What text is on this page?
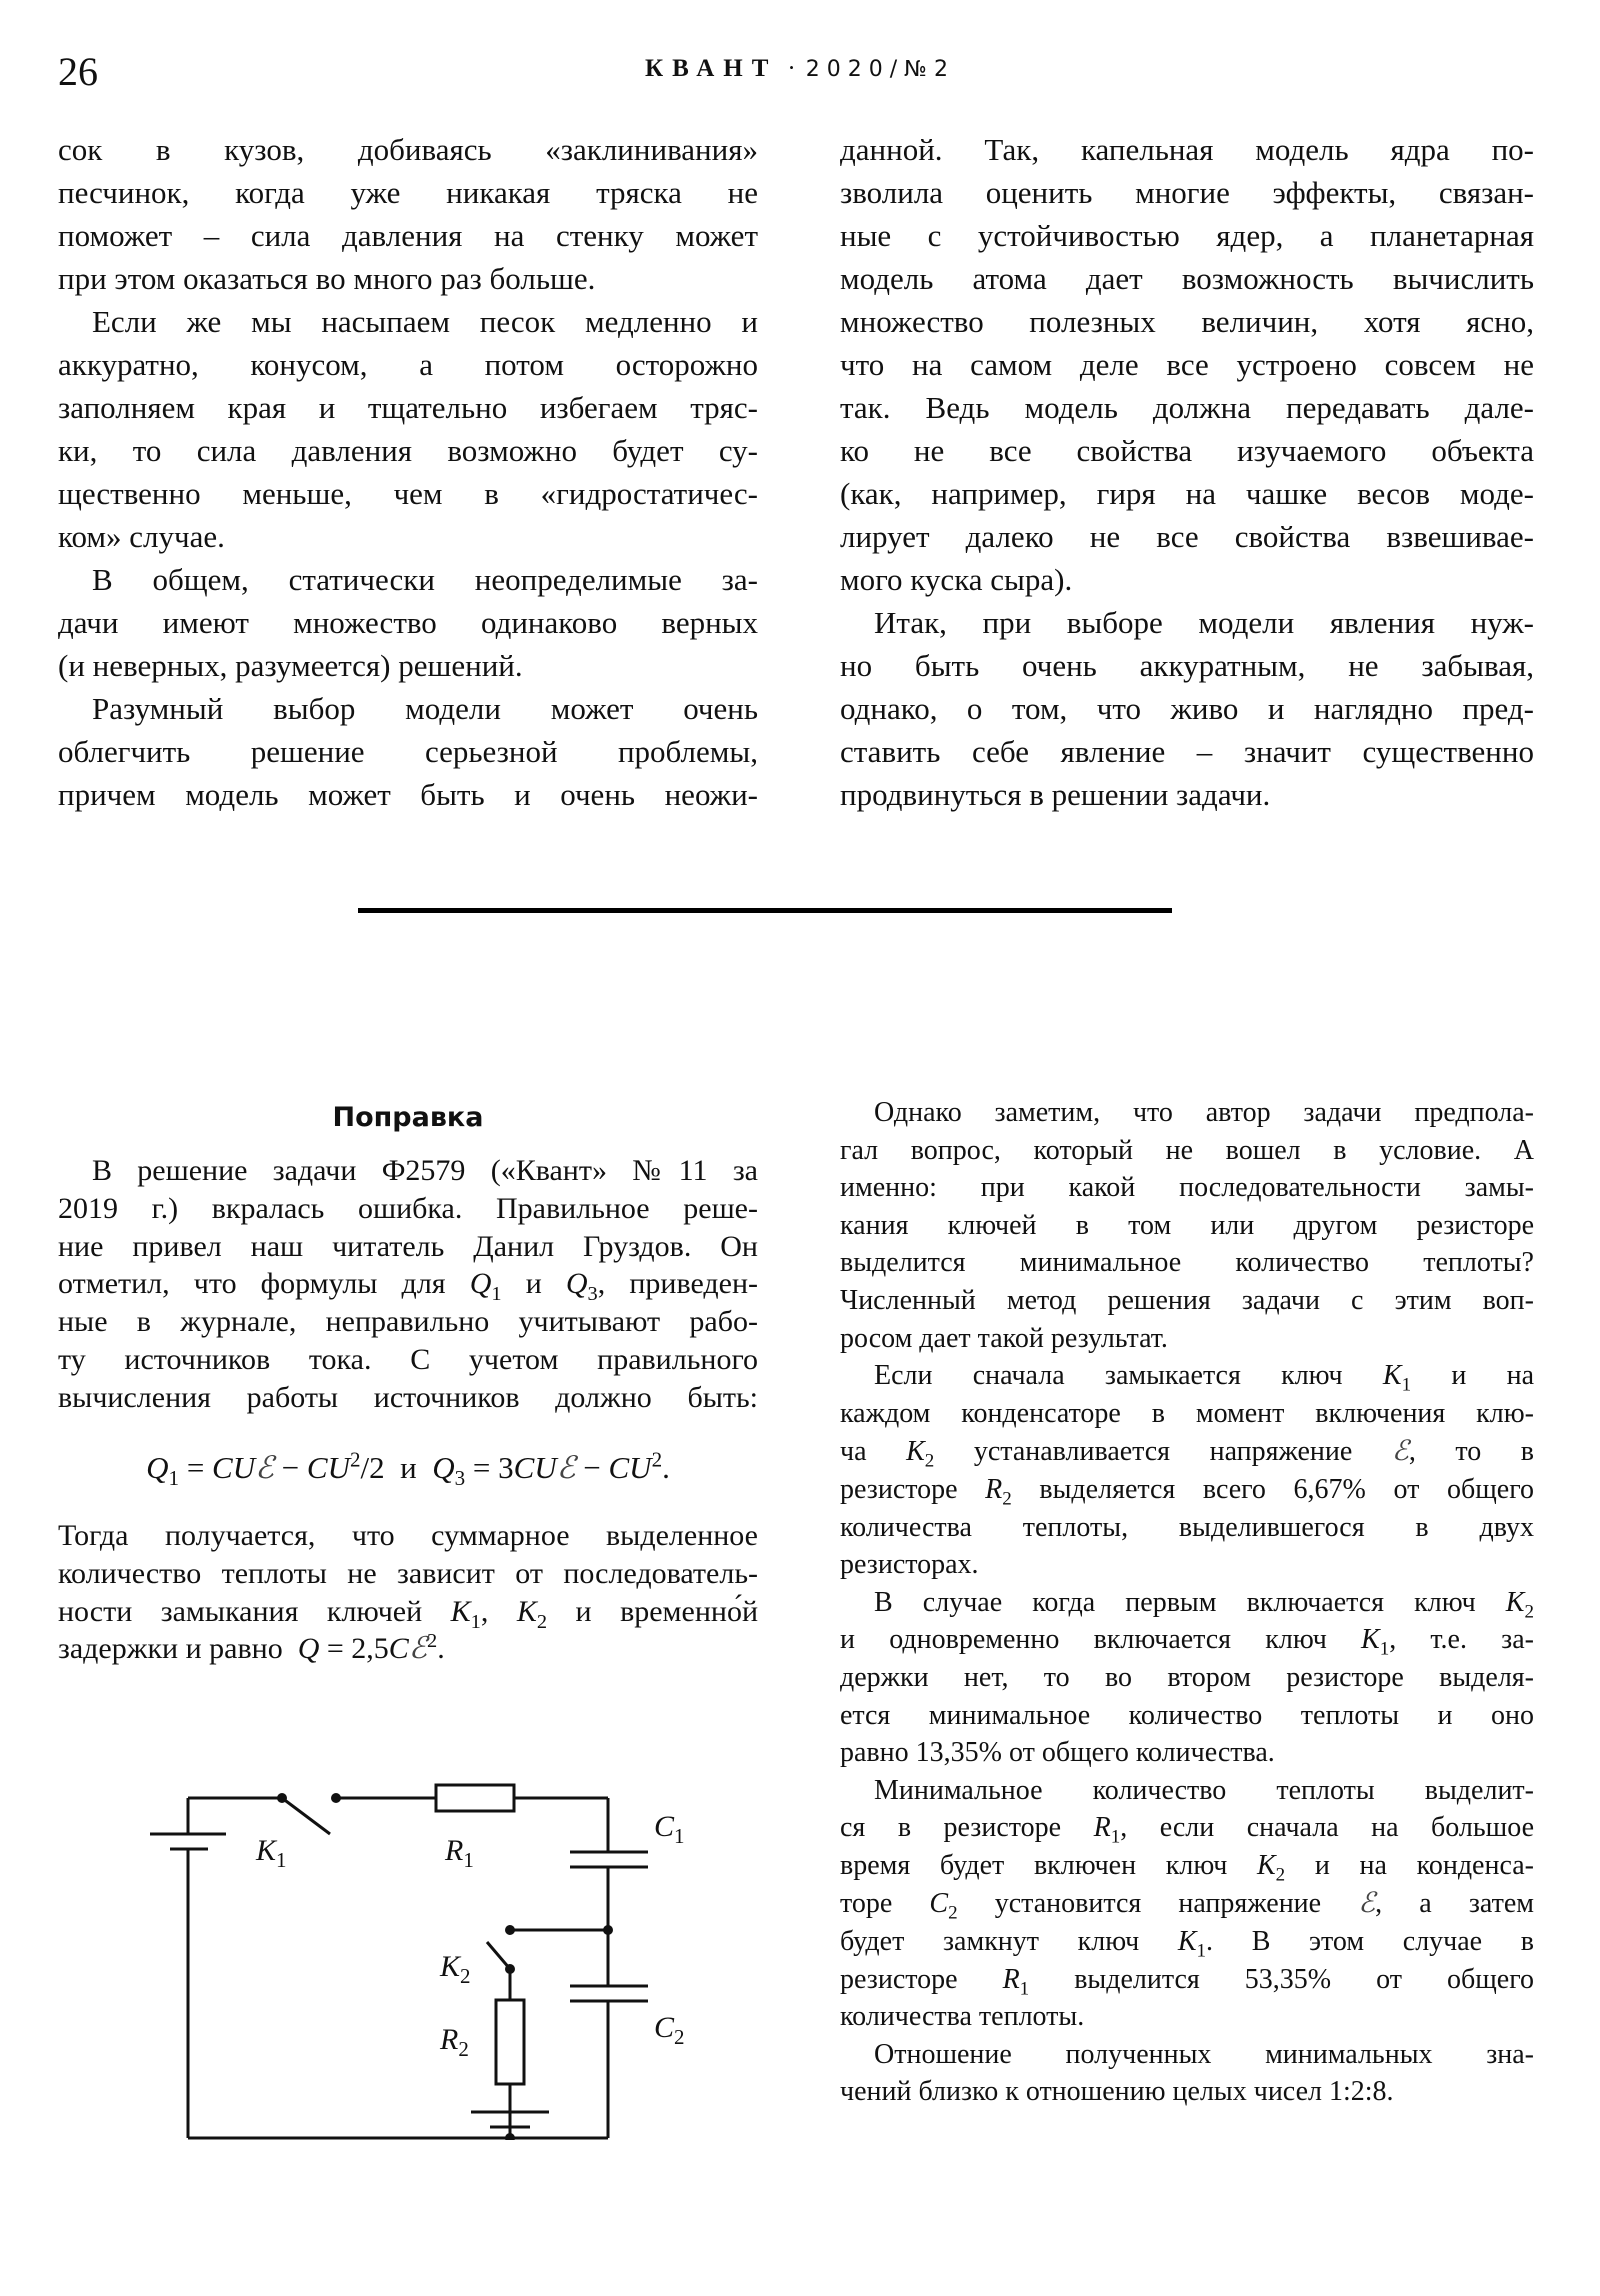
26	КВАНТ · 2020/№2
сок в кузов, добиваясь «заклинивания»
песчинок, когда уже никакая тряска не
поможет – сила давления на стенку может
при этом оказаться во много раз больше.
Если же мы насыпаем песок медленно и
аккуратно, конусом, а потом осторожно
заполняем края и тщательно избегаем тряс-
ки, то сила давления возможно будет су-
щественно меньше, чем в «гидростатичес-
ком» случае.
В общем, статически неопределимые за-
дачи имеют множество одинаково верных
(и неверных, разумеется) решений.
Разумный выбор модели может очень
облегчить решение серьезной проблемы,
причем модель может быть и очень неожи-
данной. Так, капельная модель ядра по-
зволила оценить многие эффекты, связан-
ные с устойчивостью ядер, а планетарная
модель атома дает возможность вычислить
множество полезных величин, хотя ясно,
что на самом деле все устроено совсем не
так. Ведь модель должна передавать дале-
ко не все свойства изучаемого объекта
(как, например, гиря на чашке весов моде-
лирует далеко не все свойства взвешивае-
мого куска сыра).
Итак, при выборе модели явления нуж-
но быть очень аккуратным, не забывая,
однако, о том, что живо и наглядно пред-
ставить себе явление – значит существенно
продвинуться в решении задачи.
Поправка
В решение задачи Ф2579 («Квант» №11 за
2019 г.) вкралась ошибка. Правильное реше-
ние привел наш читатель Данил Груздов. Он
отметил, что формулы для $Q_1$ и $Q_3$, приведен-
ные в журнале, неправильно учитывают рабо-
ту источников тока. С учетом правильного
вычисления работы источников должно быть:
$Q_1$ = CUℰ − $CU^2/2$  и  $Q_3$ = 3CUℰ − $CU^2$.
Тогда получается, что суммарное выделенное
количество теплоты не зависит от последователь-
ности замыкания ключей $K_1$, $K_2$ и временно́й
задержки и равно  Q = 2,5Cℰ$^2$.
$K_1$	$R_1$
$C_1$
$K_2$
$R_2$
$C_2$
Однако заметим, что автор задачи предпола-
гал вопрос, который не вошел в условие. А
именно: при какой последовательности замы-
кания ключей в том или другом резисторе
выделится минимальное количество теплоты?
Численный метод решения задачи с этим воп-
росом дает такой результат.
Если сначала замыкается ключ $K_1$ и на
каждом конденсаторе в момент включения клю-
ча $K_2$ устанавливается напряжение ℰ, то в
резисторе $R_2$ выделяется всего 6,67% от общего
количества теплоты, выделившегося в двух
резисторах.
В случае когда первым включается ключ $K_2$
и одновременно включается ключ $K_1$, т.е. за-
держки нет, то во втором резисторе выделя-
ется минимальное количество теплоты и оно
равно 13,35% от общего количества.
Минимальное количество теплоты выделит-
ся в резисторе $R_1$, если сначала на большое
время будет включен ключ $K_2$ и на конденса-
торе $C_2$ установится напряжение ℰ, а затем
будет замкнут ключ $K_1$. В этом случае в
резисторе $R_1$ выделится 53,35% от общего
количества теплоты.
Отношение полученных минимальных зна-
чений близко к отношению целых чисел 1:2:8.
